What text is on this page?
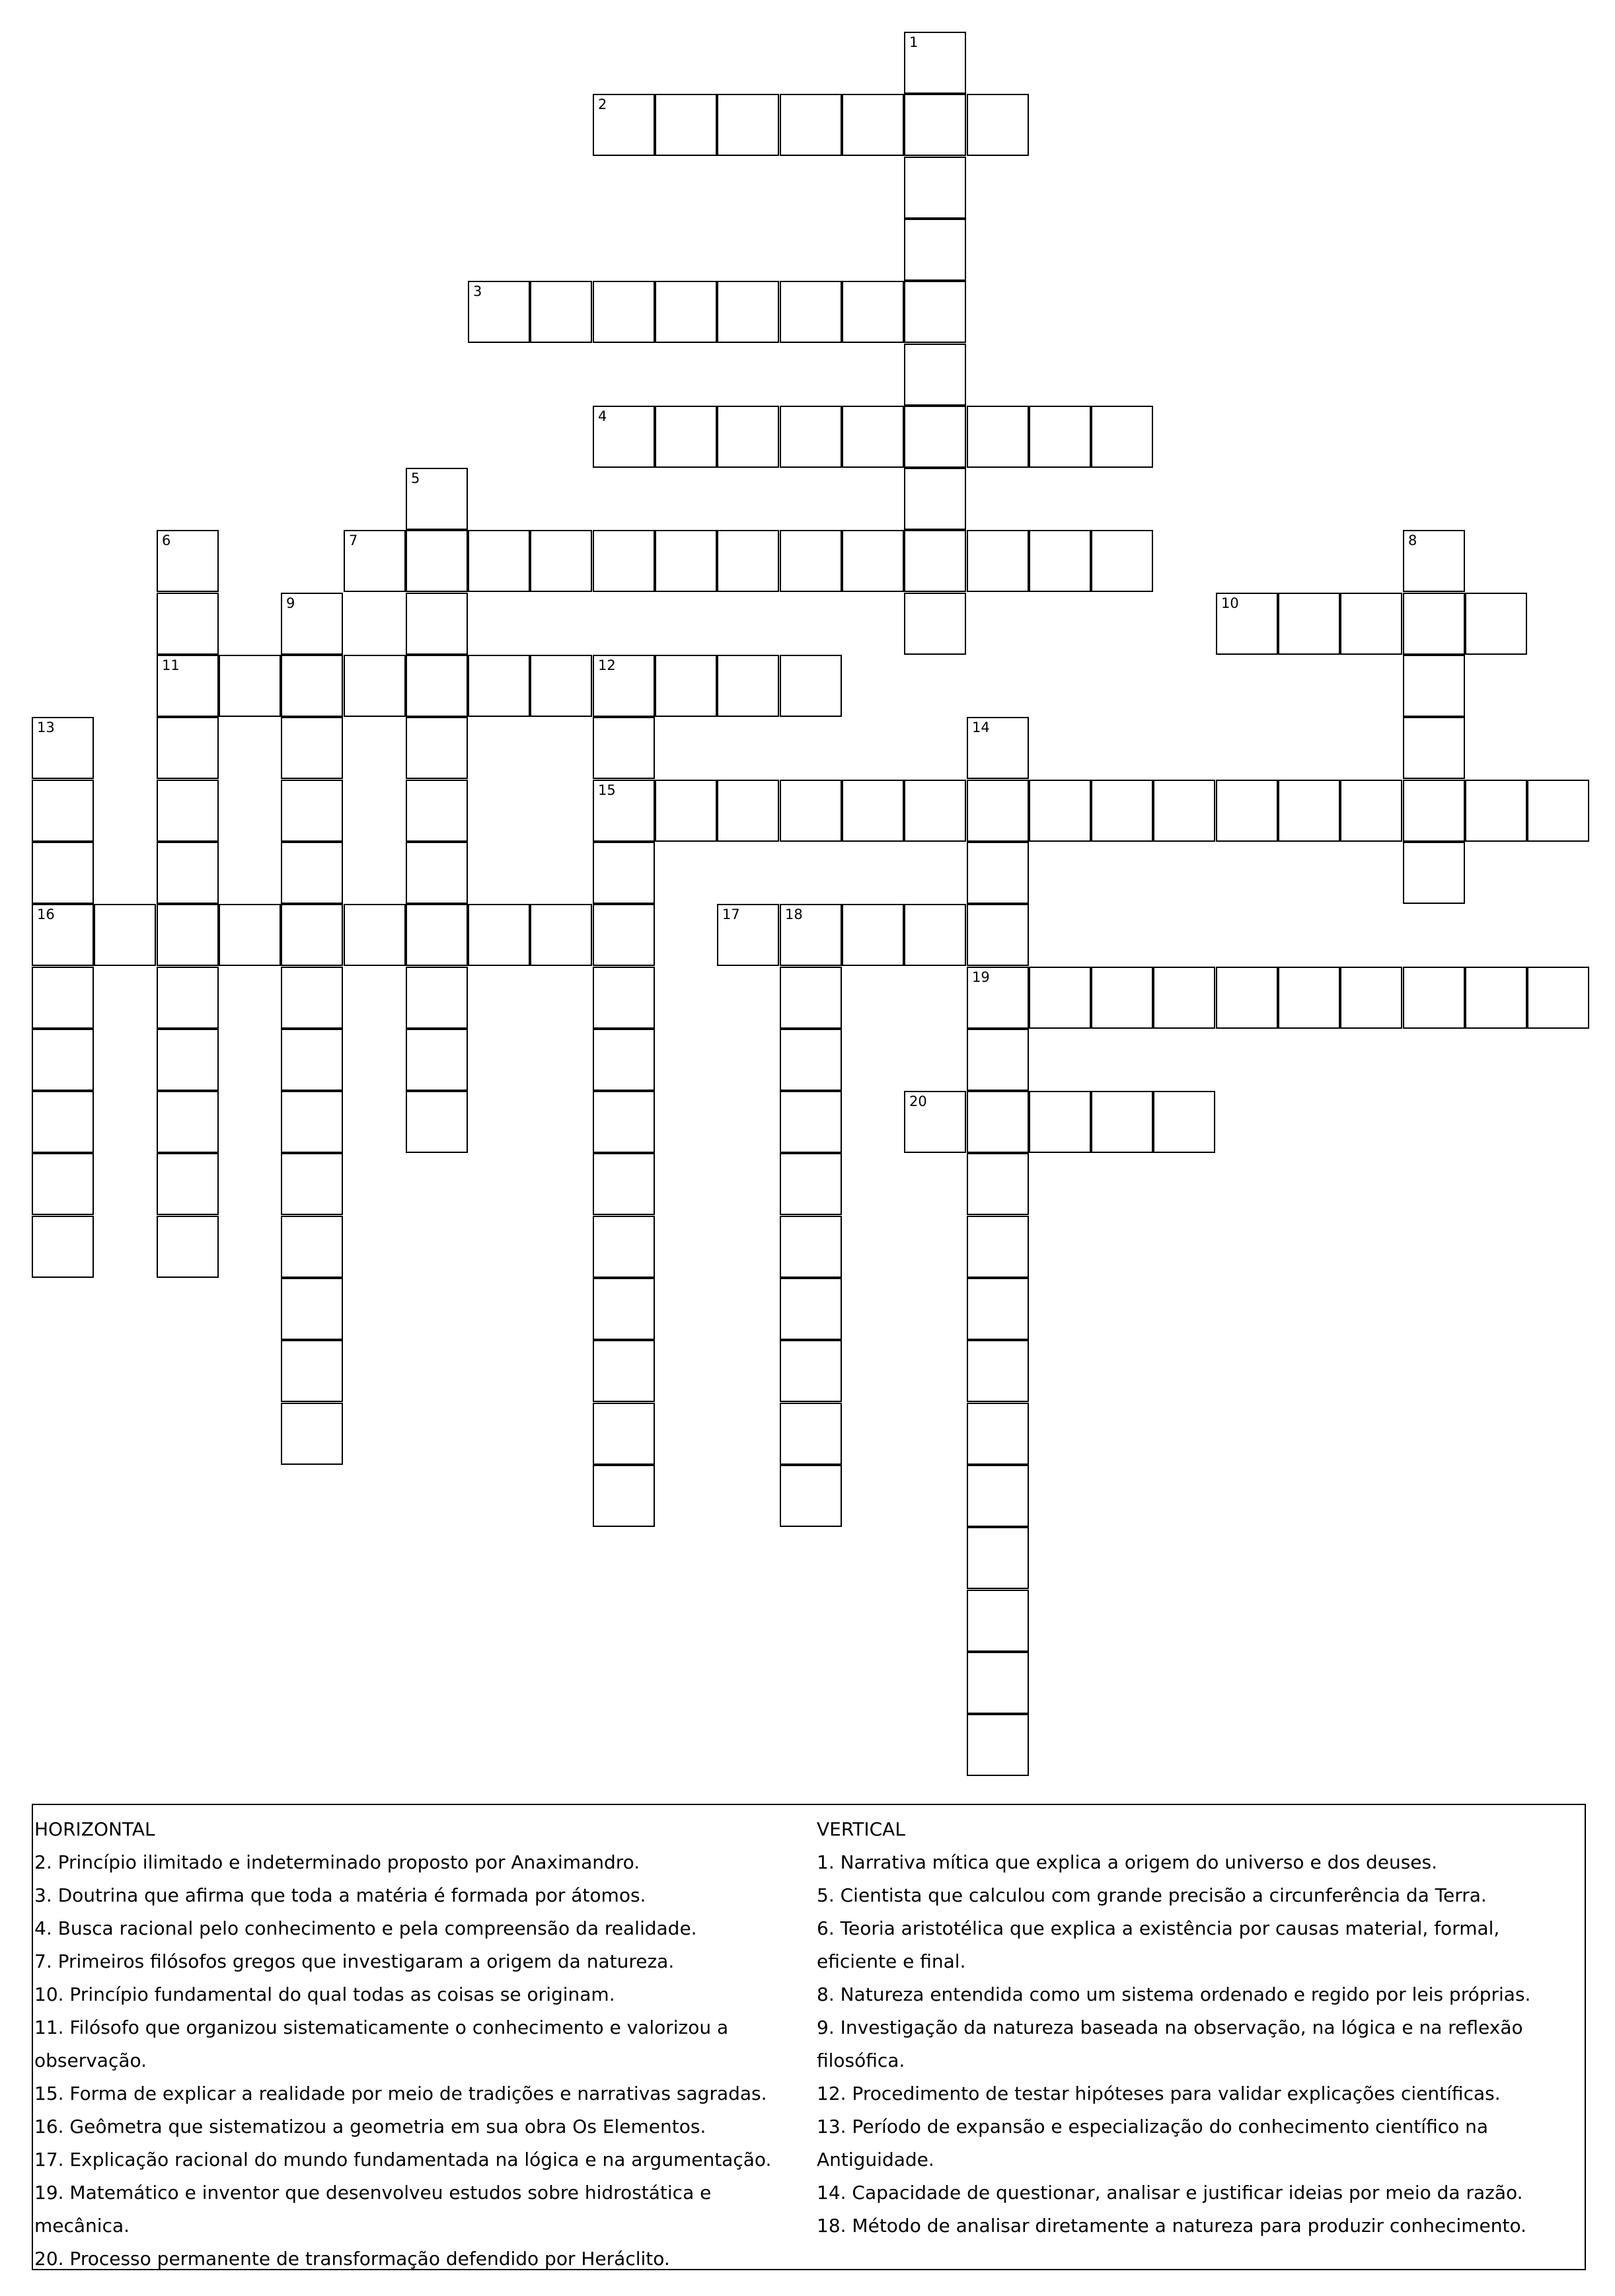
1
2
3
4
5
6
11
7	8
9	10
12
15
13
16
14
19
17	18
20
HORIZONTAL
2. Princípio ilimitado e indeterminado proposto por Anaximandro.
3. Doutrina que afirma que toda a matéria é formada por átomos.
4. Busca racional pelo conhecimento e pela compreensão da realidade.
7. Primeiros filósofos gregos que investigaram a origem da natureza.
10. Princípio fundamental do qual todas as coisas se originam.
11. Filósofo que organizou sistematicamente o conhecimento e valorizou a observação.
15. Forma de explicar a realidade por meio de tradições e narrativas sagradas.
16. Geômetra que sistematizou a geometria em sua obra Os Elementos.
17. Explicação racional do mundo fundamentada na lógica e na argumentação.
19. Matemático e inventor que desenvolveu estudos sobre hidrostática e mecânica.
20. Processo permanente de transformação defendido por Heráclito.
VERTICAL
1. Narrativa mítica que explica a origem do universo e dos deuses.
5. Cientista que calculou com grande precisão a circunferência da Terra.
6. Teoria aristotélica que explica a existência por causas material, formal, eficiente e final.
8. Natureza entendida como um sistema ordenado e regido por leis próprias.
9. Investigação da natureza baseada na observação, na lógica e na reflexão filosófica.
12. Procedimento de testar hipóteses para validar explicações científicas.
13. Período de expansão e especialização do conhecimento científico na Antiguidade.
14. Capacidade de questionar, analisar e justificar ideias por meio da razão.
18. Método de analisar diretamente a natureza para produzir conhecimento.
